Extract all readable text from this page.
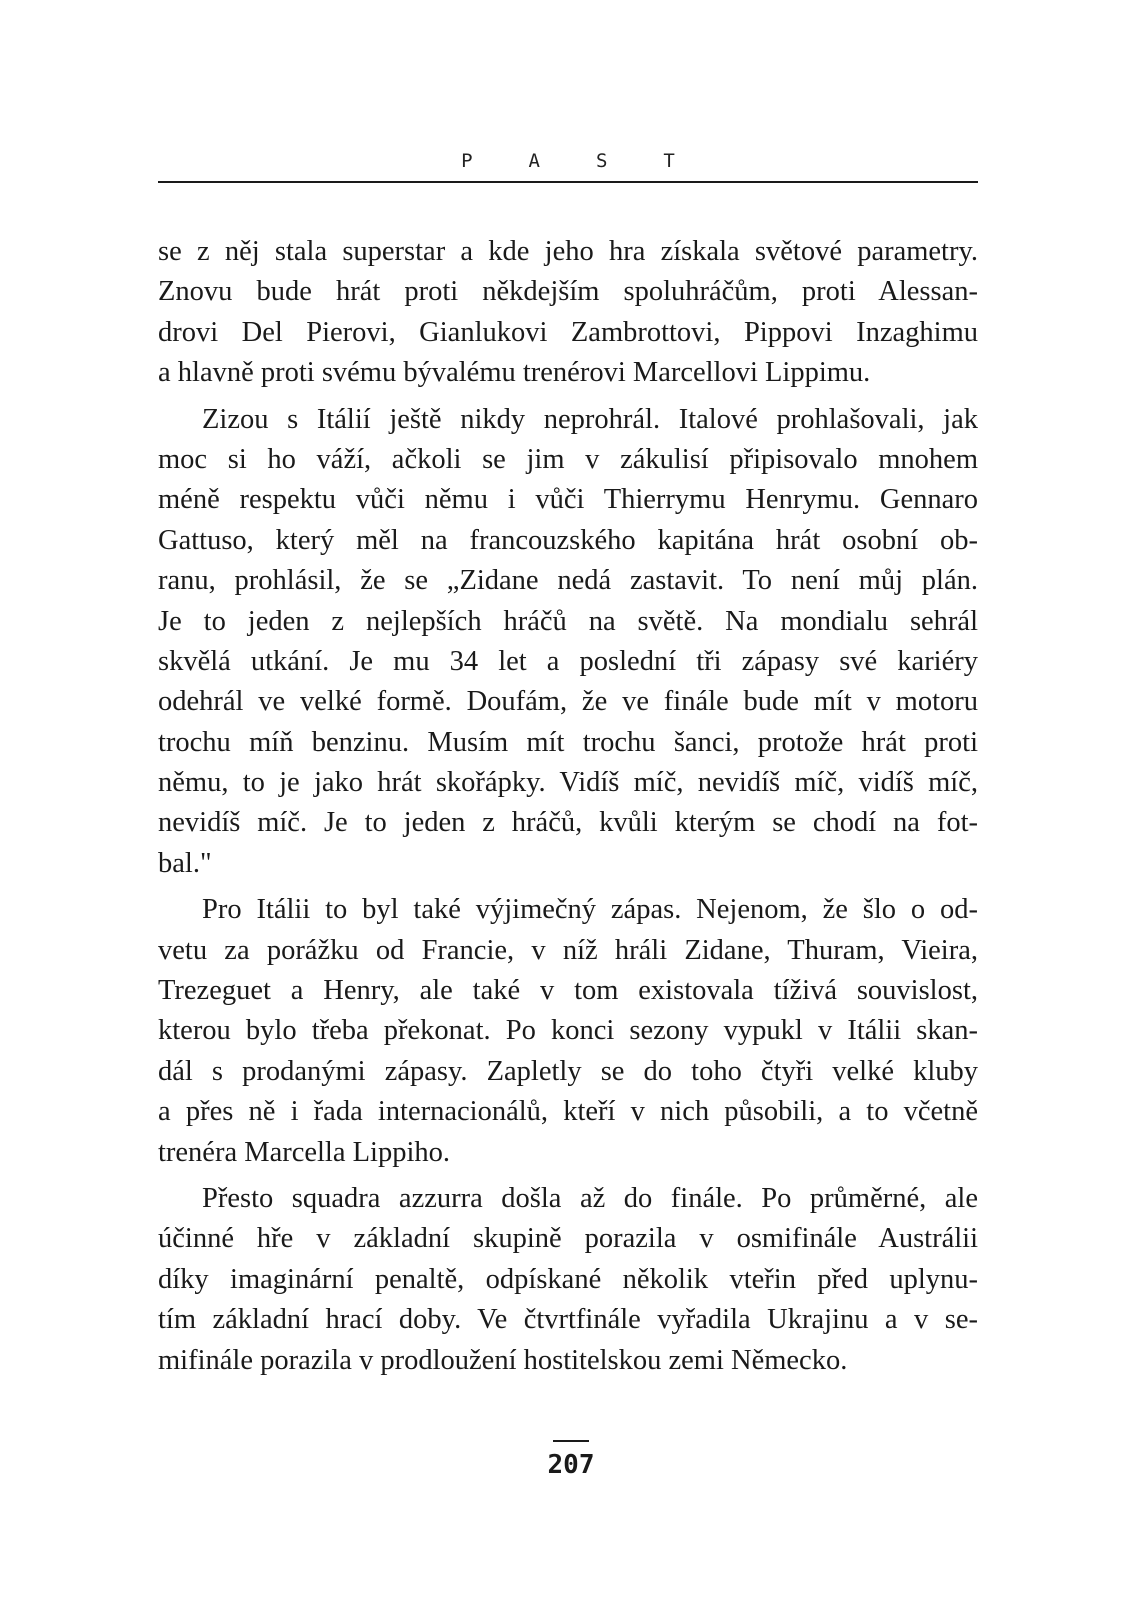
PAST
se z něj stala superstar a kde jeho hra získala světové parametry.
Znovu bude hrát proti někdejším spoluhráčům, proti Alessan-
drovi Del Pierovi, Gianlukovi Zambrottovi, Pippovi Inzaghimu
a hlavně proti svému bývalému trenérovi Marcellovi Lippimu.
Zizou s Itálií ještě nikdy neprohrál. Italové prohlašovali, jak
moc si ho váží, ačkoli se jim v zákulisí připisovalo mnohem
méně respektu vůči němu i vůči Thierrymu Henrymu. Gennaro
Gattuso, který měl na francouzského kapitána hrát osobní ob-
ranu, prohlásil, že se „Zidane nedá zastavit. To není můj plán.
Je to jeden z nejlepších hráčů na světě. Na mondialu sehrál
skvělá utkání. Je mu 34 let a poslední tři zápasy své kariéry
odehrál ve velké formě. Doufám, že ve finále bude mít v motoru
trochu míň benzinu. Musím mít trochu šanci, protože hrát proti
němu, to je jako hrát skořápky. Vidíš míč, nevidíš míč, vidíš míč,
nevidíš míč. Je to jeden z hráčů, kvůli kterým se chodí na fot-
bal."
Pro Itálii to byl také výjimečný zápas. Nejenom, že šlo o od-
vetu za porážku od Francie, v níž hráli Zidane, Thuram, Vieira,
Trezeguet a Henry, ale také v tom existovala tíživá souvislost,
kterou bylo třeba překonat. Po konci sezony vypukl v Itálii skan-
dál s prodanými zápasy. Zapletly se do toho čtyři velké kluby
a přes ně i řada internacionálů, kteří v nich působili, a to včetně
trenéra Marcella Lippiho.
Přesto squadra azzurra došla až do finále. Po průměrné, ale
účinné hře v základní skupině porazila v osmifinále Austrálii
díky imaginární penaltě, odpískané několik vteřin před uplynu-
tím základní hrací doby. Ve čtvrtfinále vyřadila Ukrajinu a v se-
mifinále porazila v prodloužení hostitelskou zemi Německo.
207
